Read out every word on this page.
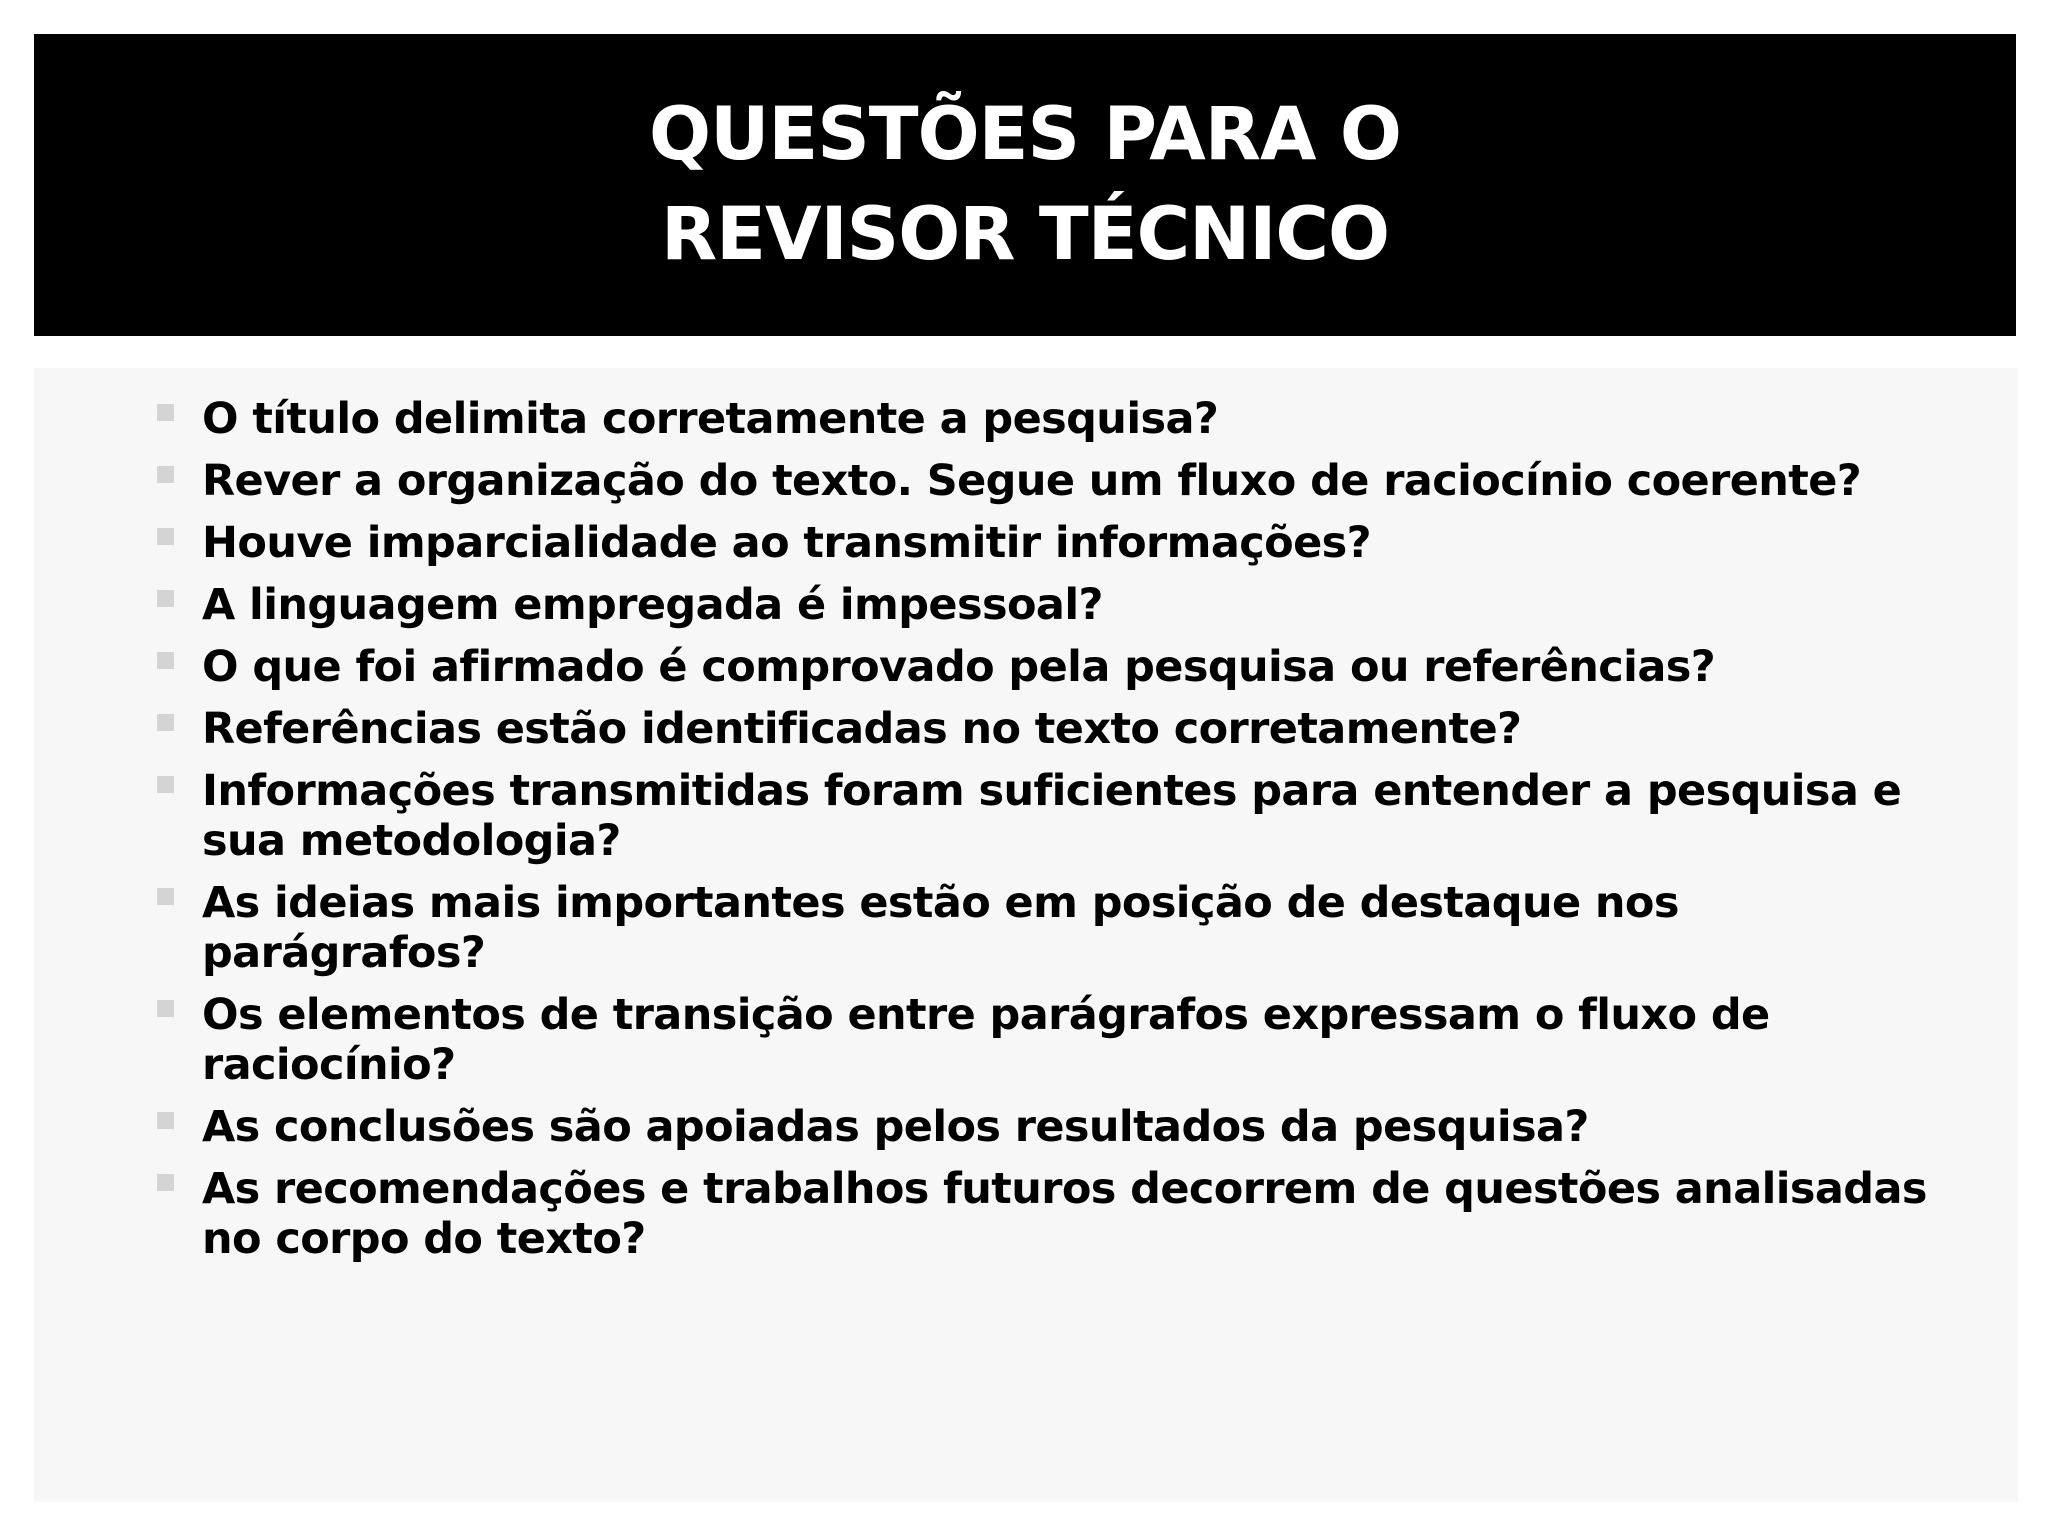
QUESTÕES PARA O
REVISOR TÉCNICO
O título delimita corretamente a pesquisa?
Rever a organização do texto. Segue um fluxo de raciocínio coerente?
Houve imparcialidade ao transmitir informações?
A linguagem empregada é impessoal?
O que foi afirmado é comprovado pela pesquisa ou referências?
Referências estão identificadas no texto corretamente?
Informações transmitidas foram suficientes para entender a pesquisa e sua metodologia?
As ideias mais importantes estão em posição de destaque nos parágrafos?
Os elementos de transição entre parágrafos expressam o fluxo de raciocínio?
As conclusões são apoiadas pelos resultados da pesquisa?
As recomendações e trabalhos futuros decorrem de questões analisadas no corpo do texto?
